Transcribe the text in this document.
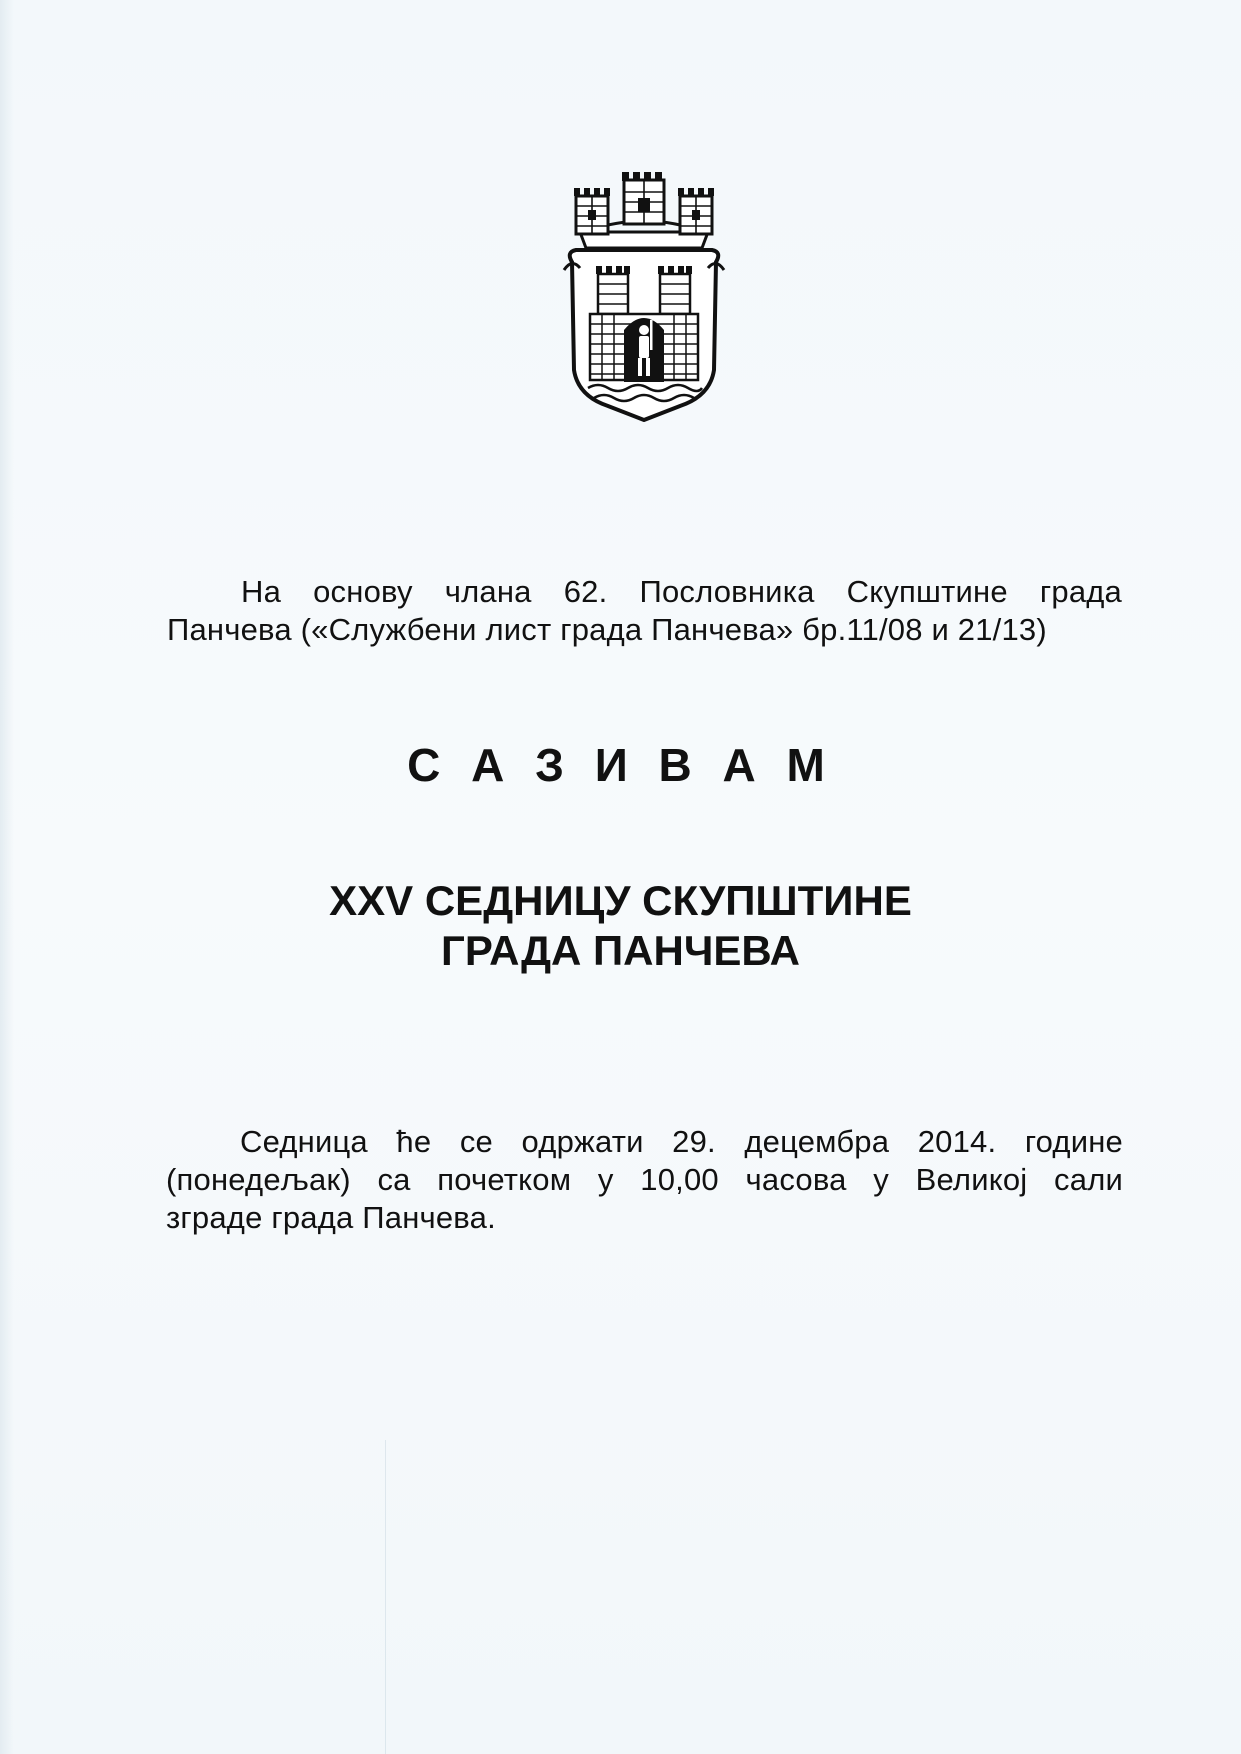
На основу члана 62. Пословника Скупштине града
Панчева («Службени лист града Панчева» бр.11/08 и 21/13)
С А З И В А М
XXV СЕДНИЦУ СКУПШТИНЕ
ГРАДА ПАНЧЕВА
Седница ће се одржати 29. децембра 2014. године
(понедељак) са почетком у 10,00 часова у Великој сали
зграде града Панчева.
